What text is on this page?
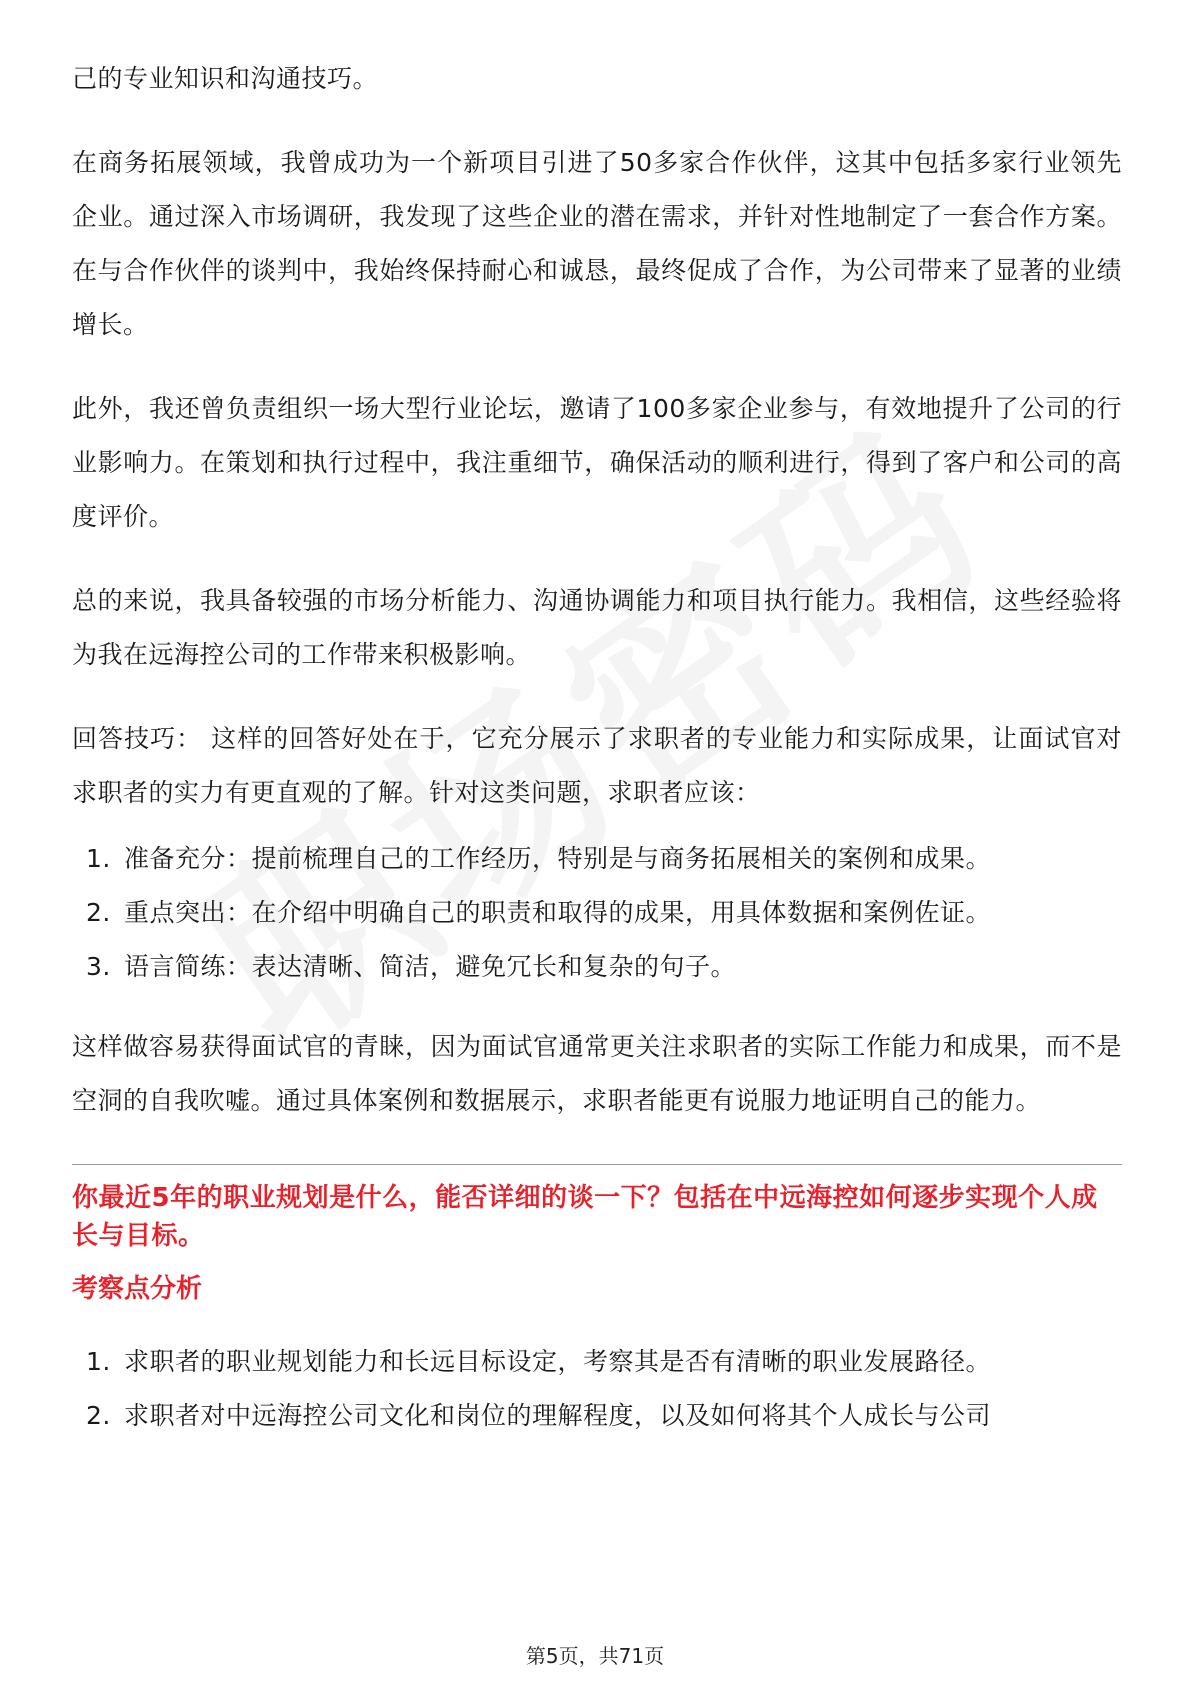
己的专业知识和沟通技巧。

在商务拓展领域，我曾成功为一个新项目引进了50多家合作伙伴，这其中包括多家行业领先企业。通过深入市场调研，我发现了这些企业的潜在需求，并针对性地制定了一套合作方案。在与合作伙伴的谈判中，我始终保持耐心和诚恳，最终促成了合作，为公司带来了显著的业绩增长。

此外，我还曾负责组织一场大型行业论坛，邀请了100多家企业参与，有效地提升了公司的行业影响力。在策划和执行过程中，我注重细节，确保活动的顺利进行，得到了客户和公司的高度评价。

总的来说，我具备较强的市场分析能力、沟通协调能力和项目执行能力。我相信，这些经验将为我在远海控公司的工作带来积极影响。

回答技巧： 这样的回答好处在于，它充分展示了求职者的专业能力和实际成果，让面试官对求职者的实力有更直观的了解。针对这类问题，求职者应该：

1. 准备充分：提前梳理自己的工作经历，特别是与商务拓展相关的案例和成果。
2. 重点突出：在介绍中明确自己的职责和取得的成果，用具体数据和案例佐证。
3. 语言简练：表达清晰、简洁，避免冗长和复杂的句子。

这样做容易获得面试官的青睐，因为面试官通常更关注求职者的实际工作能力和成果，而不是空洞的自我吹嘘。通过具体案例和数据展示，求职者能更有说服力地证明自己的能力。

你最近5年的职业规划是什么，能否详细的谈一下？包括在中远海控如何逐步实现个人成长与目标。
考察点分析
1. 求职者的职业规划能力和长远目标设定，考察其是否有清晰的职业发展路径。
2. 求职者对中远海控公司文化和岗位的理解程度，以及如何将其个人成长与公司
第5页，共71页
